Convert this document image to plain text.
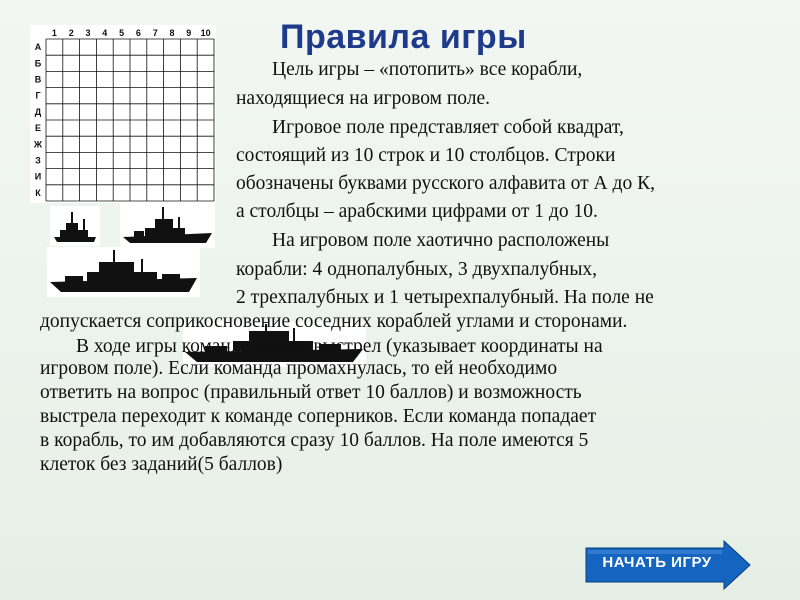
1 2 3 4 5 6 7 8 9 10
А
Б
В
Г
Д
Е
Ж
З
И
К
Правила игры
Цель игры – «потопить» все корабли,
находящиеся на игровом поле.
Игровое поле представляет собой квадрат,
состоящий из 10 строк и 10 столбцов. Строки
обозначены буквами русского алфавита от А до К,
а столбцы – арабскими цифрами от 1 до 10.
На игровом поле хаотично расположены
корабли: 4 однопалубных, 3 двухпалубных,
2 трехпалубных и 1 четырехпалубный. На поле не
допускается соприкосновение соседних кораблей углами и сторонами.
В ходе игры команда делает выстрел (указывает координаты на
игровом поле). Если команда промахнулась, то ей необходимо
ответить на вопрос (правильный ответ 10 баллов) и возможность
выстрела переходит к команде соперников. Если команда попадает
в корабль, то им добавляются сразу 10 баллов. На поле имеются 5
клеток без заданий(5 баллов)
НАЧАТЬ ИГРУ
